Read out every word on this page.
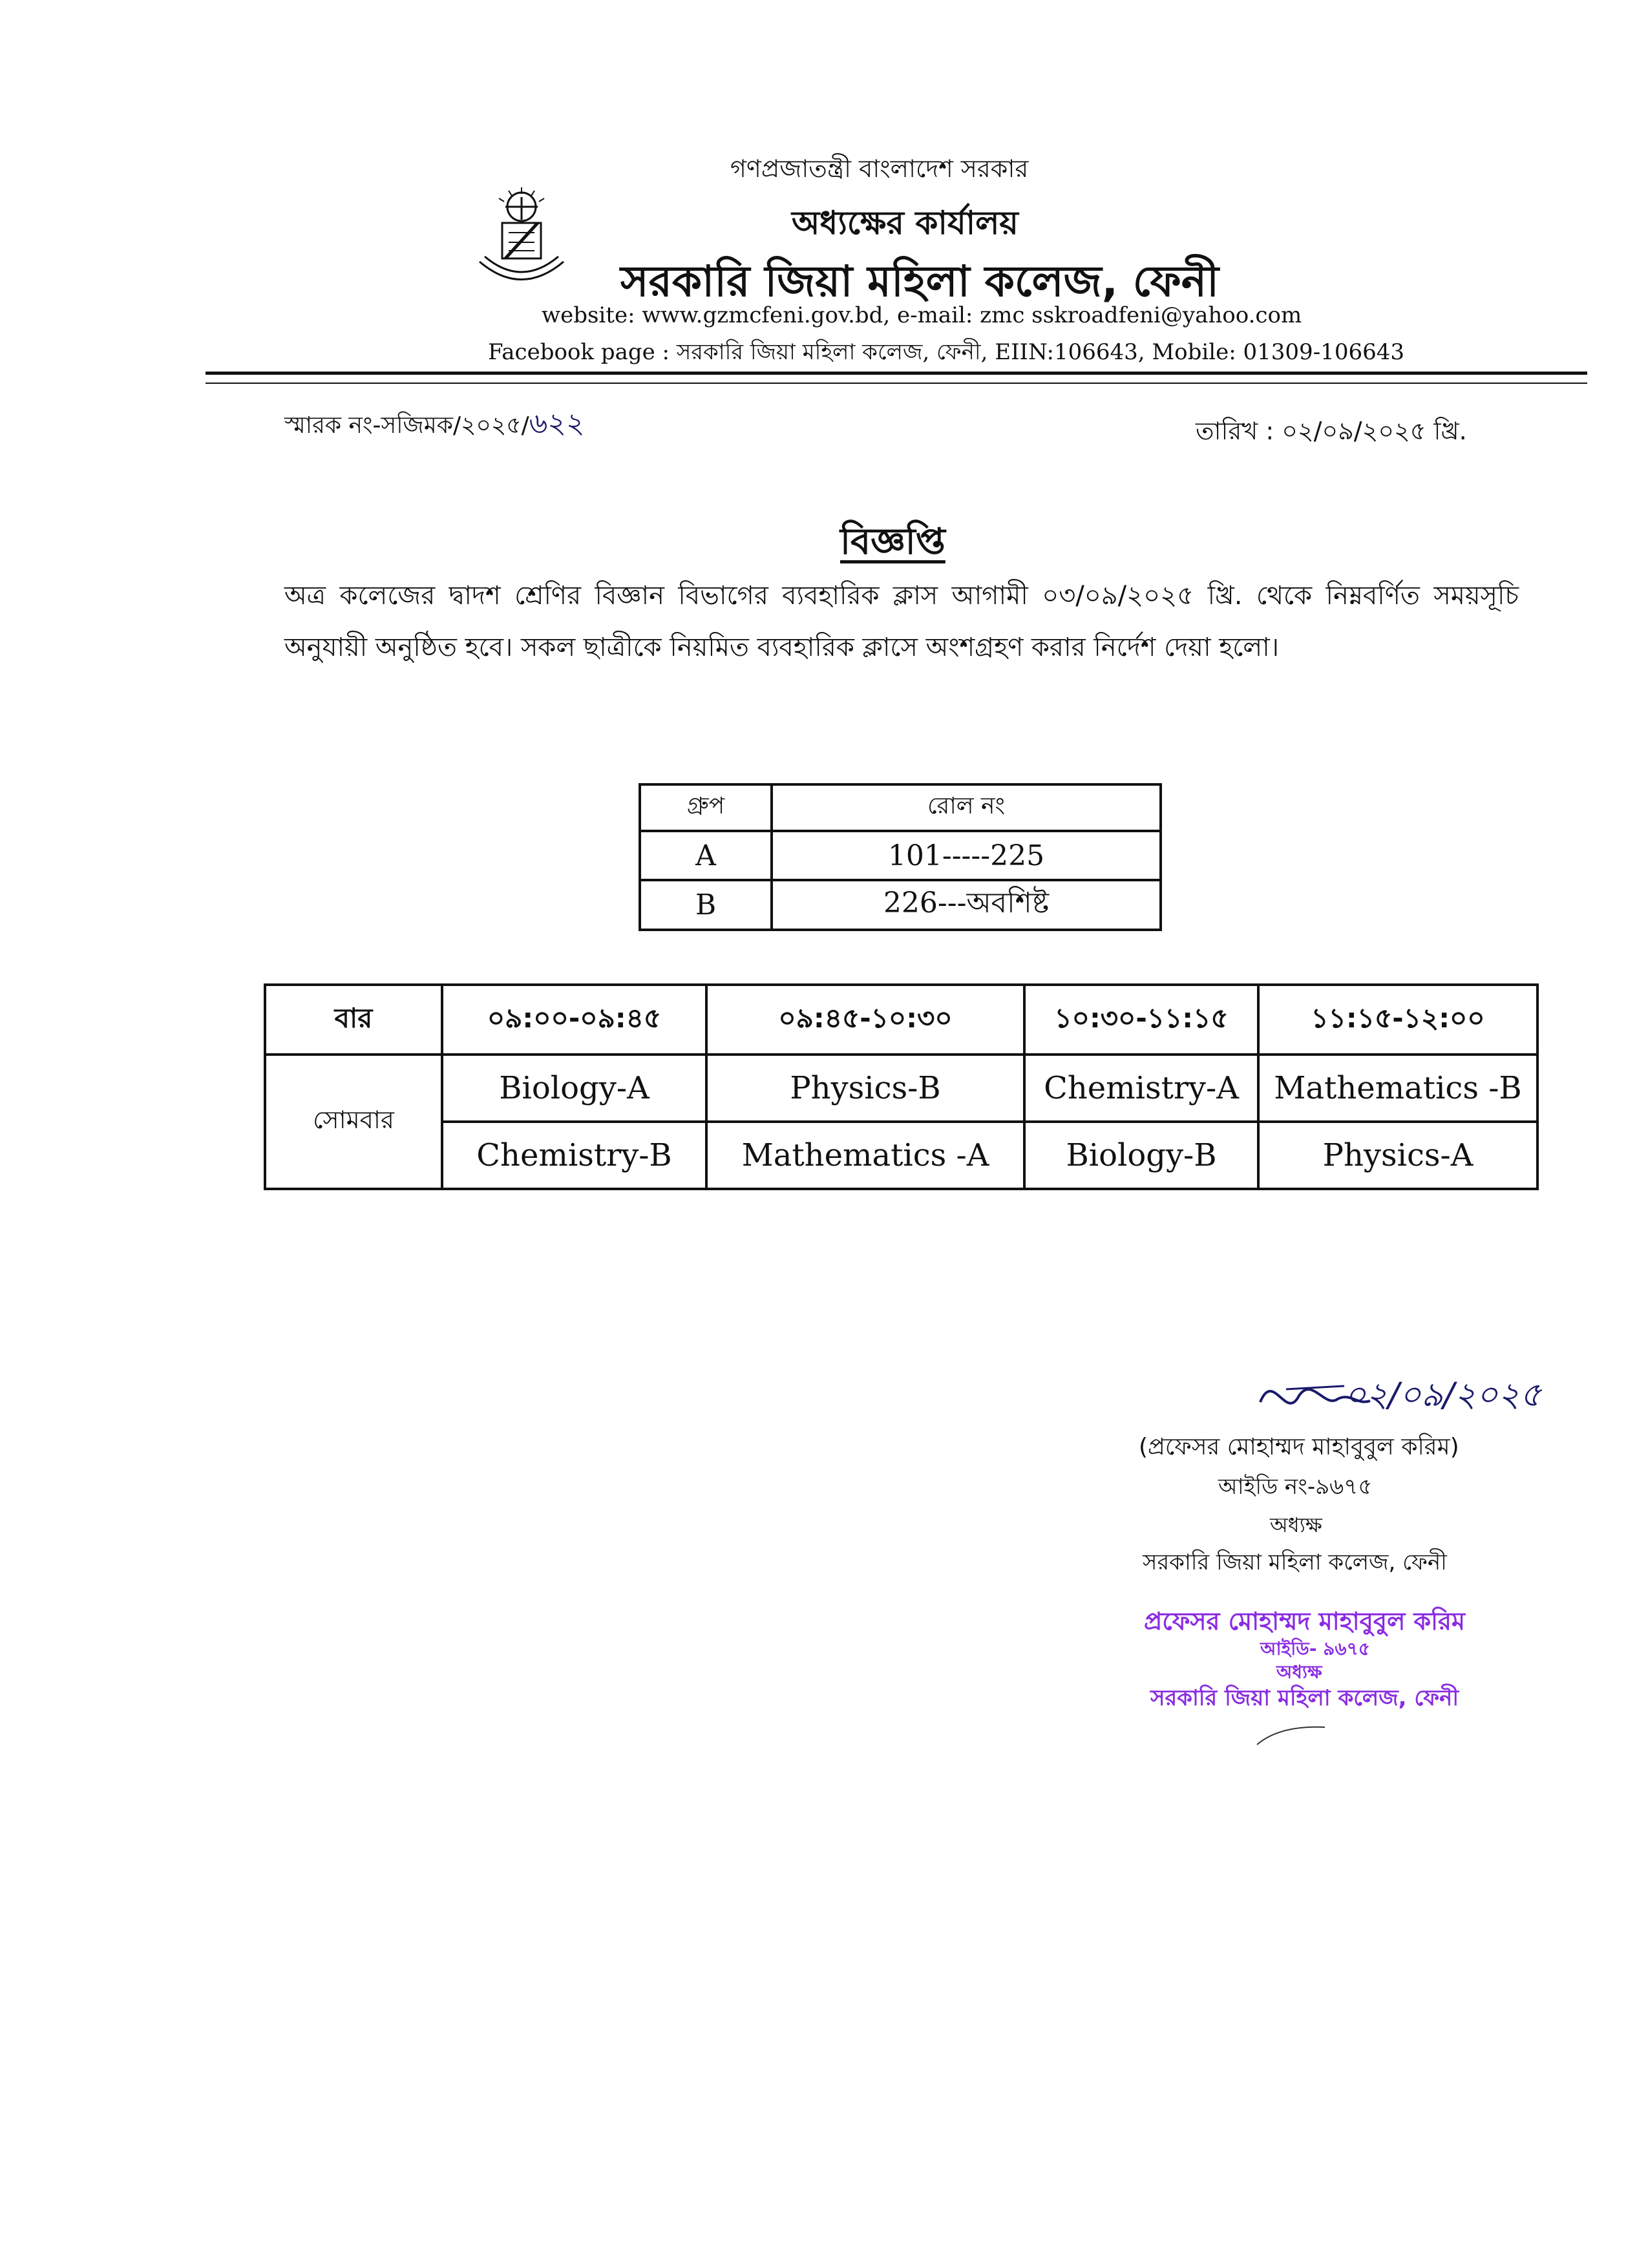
গণপ্রজাতন্ত্রী বাংলাদেশ সরকার
অধ্যক্ষের কার্যালয়
সরকারি জিয়া মহিলা কলেজ, ফেনী
website: www.gzmcfeni.gov.bd, e-mail: zmc sskroadfeni@yahoo.com
Facebook page : সরকারি জিয়া মহিলা কলেজ, ফেনী, EIIN:106643, Mobile: 01309-106643
স্মারক নং-সজিমক/২০২৫/৬২২	তারিখ : ০২/০৯/২০২৫ খ্রি.
বিজ্ঞপ্তি
অত্র কলেজের দ্বাদশ শ্রেণির বিজ্ঞান বিভাগের ব্যবহারিক ক্লাস আগামী ০৩/০৯/২০২৫ খ্রি. থেকে নিম্নবর্ণিত সময়সূচি অনুযায়ী অনুষ্ঠিত হবে। সকল ছাত্রীকে নিয়মিত ব্যবহারিক ক্লাসে অংশগ্রহণ করার নির্দেশ দেয়া হলো।
গ্রুপ	রোল নং
A	101-----225
B	226---অবশিষ্ট
বার	০৯:০০-০৯:৪৫	০৯:৪৫-১০:৩০	১০:৩০-১১:১৫	১১:১৫-১২:০০
সোমবার	Biology-A	Physics-B	Chemistry-A	Mathematics -B
	Chemistry-B	Mathematics -A	Biology-B	Physics-A
০২/০৯/২০২৫
(প্রফেসর মোহাম্মদ মাহাবুবুল করিম)
আইডি নং-৯৬৭৫
অধ্যক্ষ
সরকারি জিয়া মহিলা কলেজ, ফেনী
প্রফেসর মোহাম্মদ মাহাবুবুল করিম
আইডি- ৯৬৭৫
অধ্যক্ষ
সরকারি জিয়া মহিলা কলেজ, ফেনী
